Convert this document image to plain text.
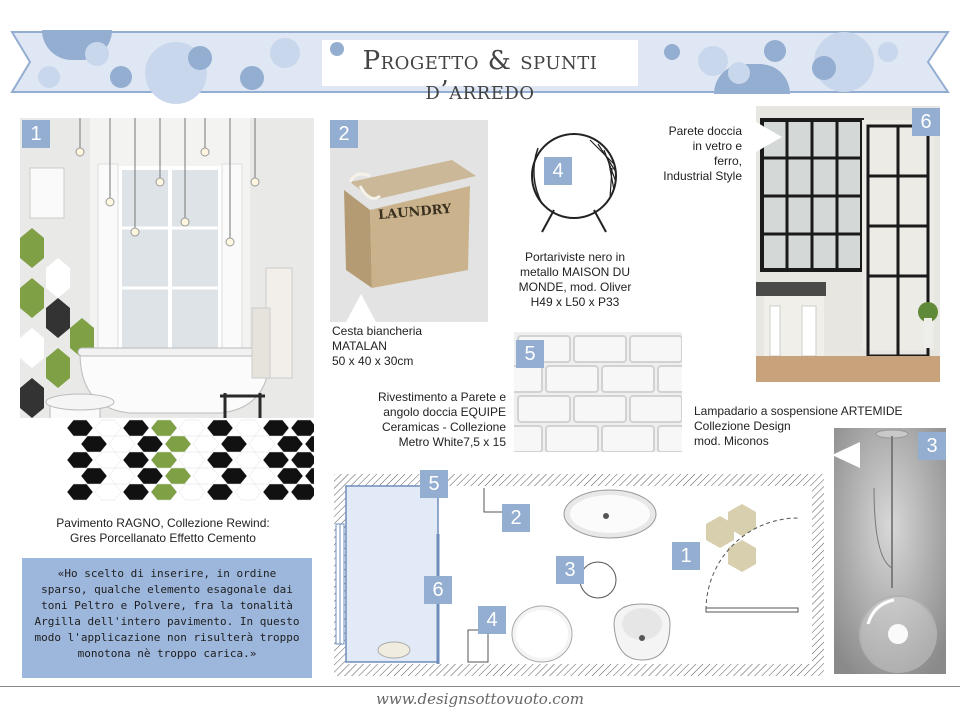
Progetto & spunti d’arredo
1
Pavimento RAGNO, Collezione Rewind:
Gres Porcellanato Effetto Cemento
«Ho scelto di inserire, in ordine sparso, qualche elemento esagonale dai toni Peltro e Polvere, fra la tonalità Argilla dell'intero pavimento. In questo modo l'applicazione non risulterà troppo monotona nè troppo carica.»
LAUNDRY
2
Cesta biancheria
MATALAN
50 x 40 x 30cm
4
Portariviste nero in
metallo MAISON DU
MONDE, mod. Oliver
H49 x L50 x P33
Parete doccia
in vetro e
ferro,
Industrial Style
6
5
Rivestimento a Parete e
angolo doccia EQUIPE
Ceramicas - Collezione
Metro White7,5 x 15
Lampadario a sospensione ARTEMIDE
Collezione Design
mod. Miconos	3
5
2
3
1
6
4
www.designsottovuoto.com
